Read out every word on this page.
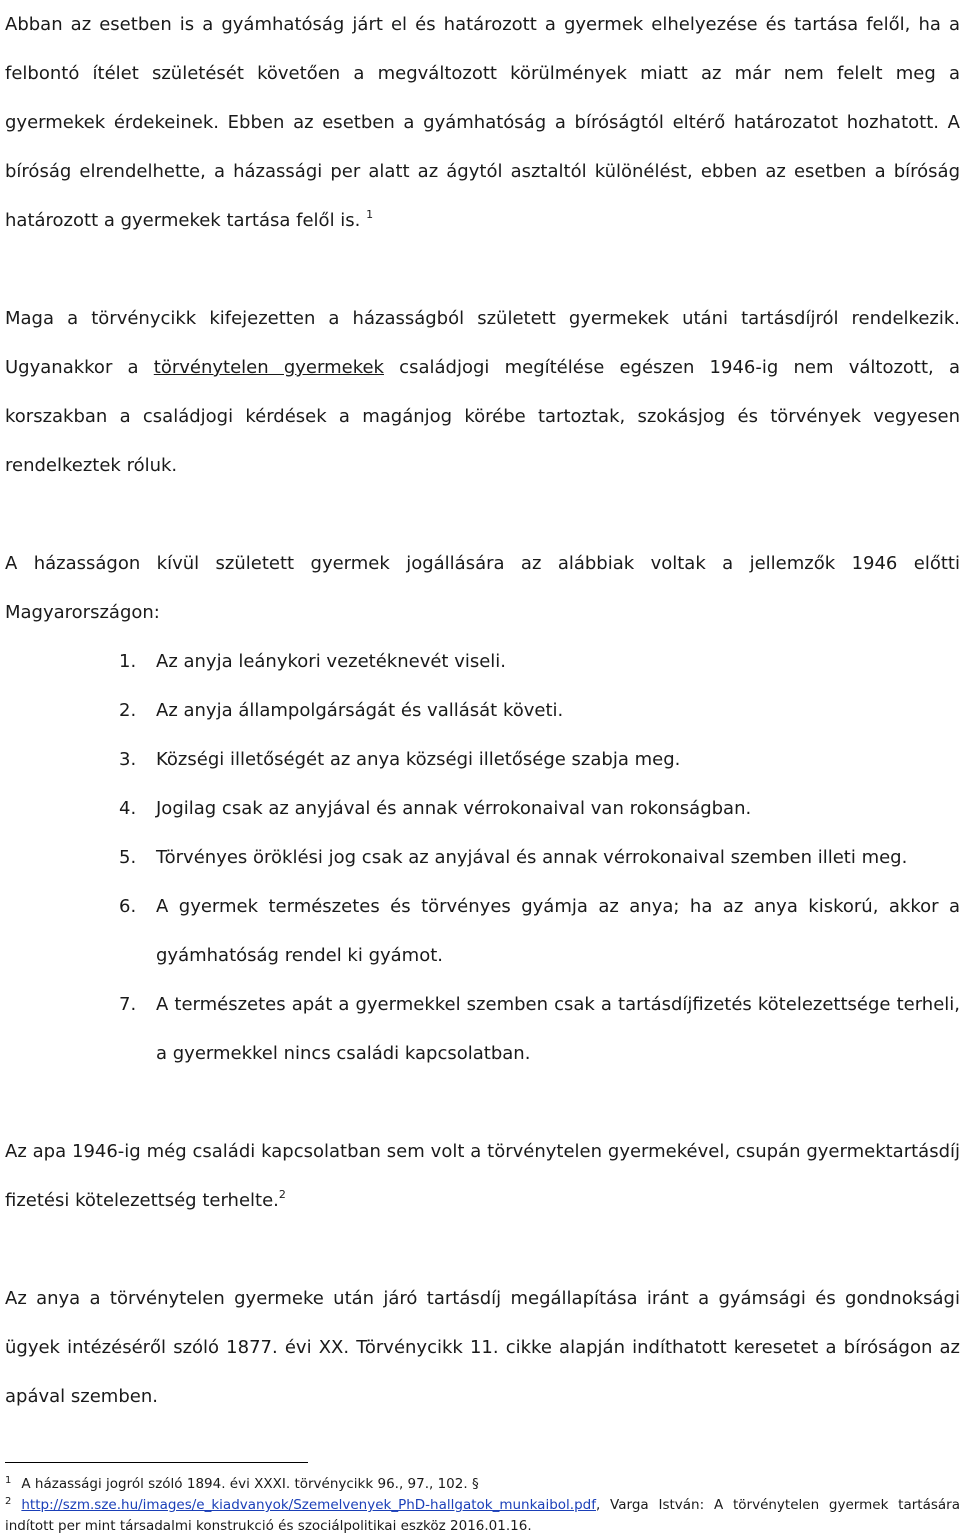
Abban az esetben is a gyámhatóság járt el és határozott a gyermek elhelyezése és tartása felől, ha a felbontó ítélet születését követően a megváltozott körülmények miatt az már nem felelt meg a gyermekek érdekeinek. Ebben az esetben a gyámhatóság a bíróságtól eltérő határozatot hozhatott. A bíróság elrendelhette, a házassági per alatt az ágytól asztaltól különélést, ebben az esetben a bíróság határozott a gyermekek tartása felől is. $^1$

Maga a törvénycikk kifejezetten a házasságból született gyermekek utáni tartásdíjról rendelkezik. Ugyanakkor a törvénytelen gyermekek családjogi megítélése egészen 1946-ig nem változott, a korszakban a családjogi kérdések a magánjog körébe tartoztak, szokásjog és törvények vegyesen rendelkeztek róluk.

A házasságon kívül született gyermek jogállására az alábbiak voltak a jellemzők 1946 előtti Magyarországon:

1. Az anyja leánykori vezetéknevét viseli.
2. Az anyja állampolgárságát és vallását követi.
3. Községi illetőségét az anya községi illetősége szabja meg.
4. Jogilag csak az anyjával és annak vérrokonaival van rokonságban.
5. Törvényes öröklési jog csak az anyjával és annak vérrokonaival szemben illeti meg.
6. A gyermek természetes és törvényes gyámja az anya; ha az anya kiskorú, akkor a gyámhatóság rendel ki gyámot.
7. A természetes apát a gyermekkel szemben csak a tartásdíjfizetés kötelezettsége terheli, a gyermekkel nincs családi kapcsolatban.

Az apa 1946-ig még családi kapcsolatban sem volt a törvénytelen gyermekével, csupán gyermektartásdíj fizetési kötelezettség terhelte.$^2$

Az anya a törvénytelen gyermeke után járó tartásdíj megállapítása iránt a gyámsági és gondnoksági ügyek intézéséről szóló 1877. évi XX. Törvénycikk 11. cikke alapján indíthatott keresetet a bíróságon az apával szemben.

$^1$ A házassági jogról szóló 1894. évi XXXI. törvénycikk 96., 97., 102. §

$^2$ http://szm.sze.hu/images/e_kiadvanyok/Szemelvenyek_PhD-hallgatok_munkaibol.pdf, Varga István: A törvénytelen gyermek tartására indított per mint társadalmi konstrukció és szociálpolitikai eszköz 2016.01.16.
